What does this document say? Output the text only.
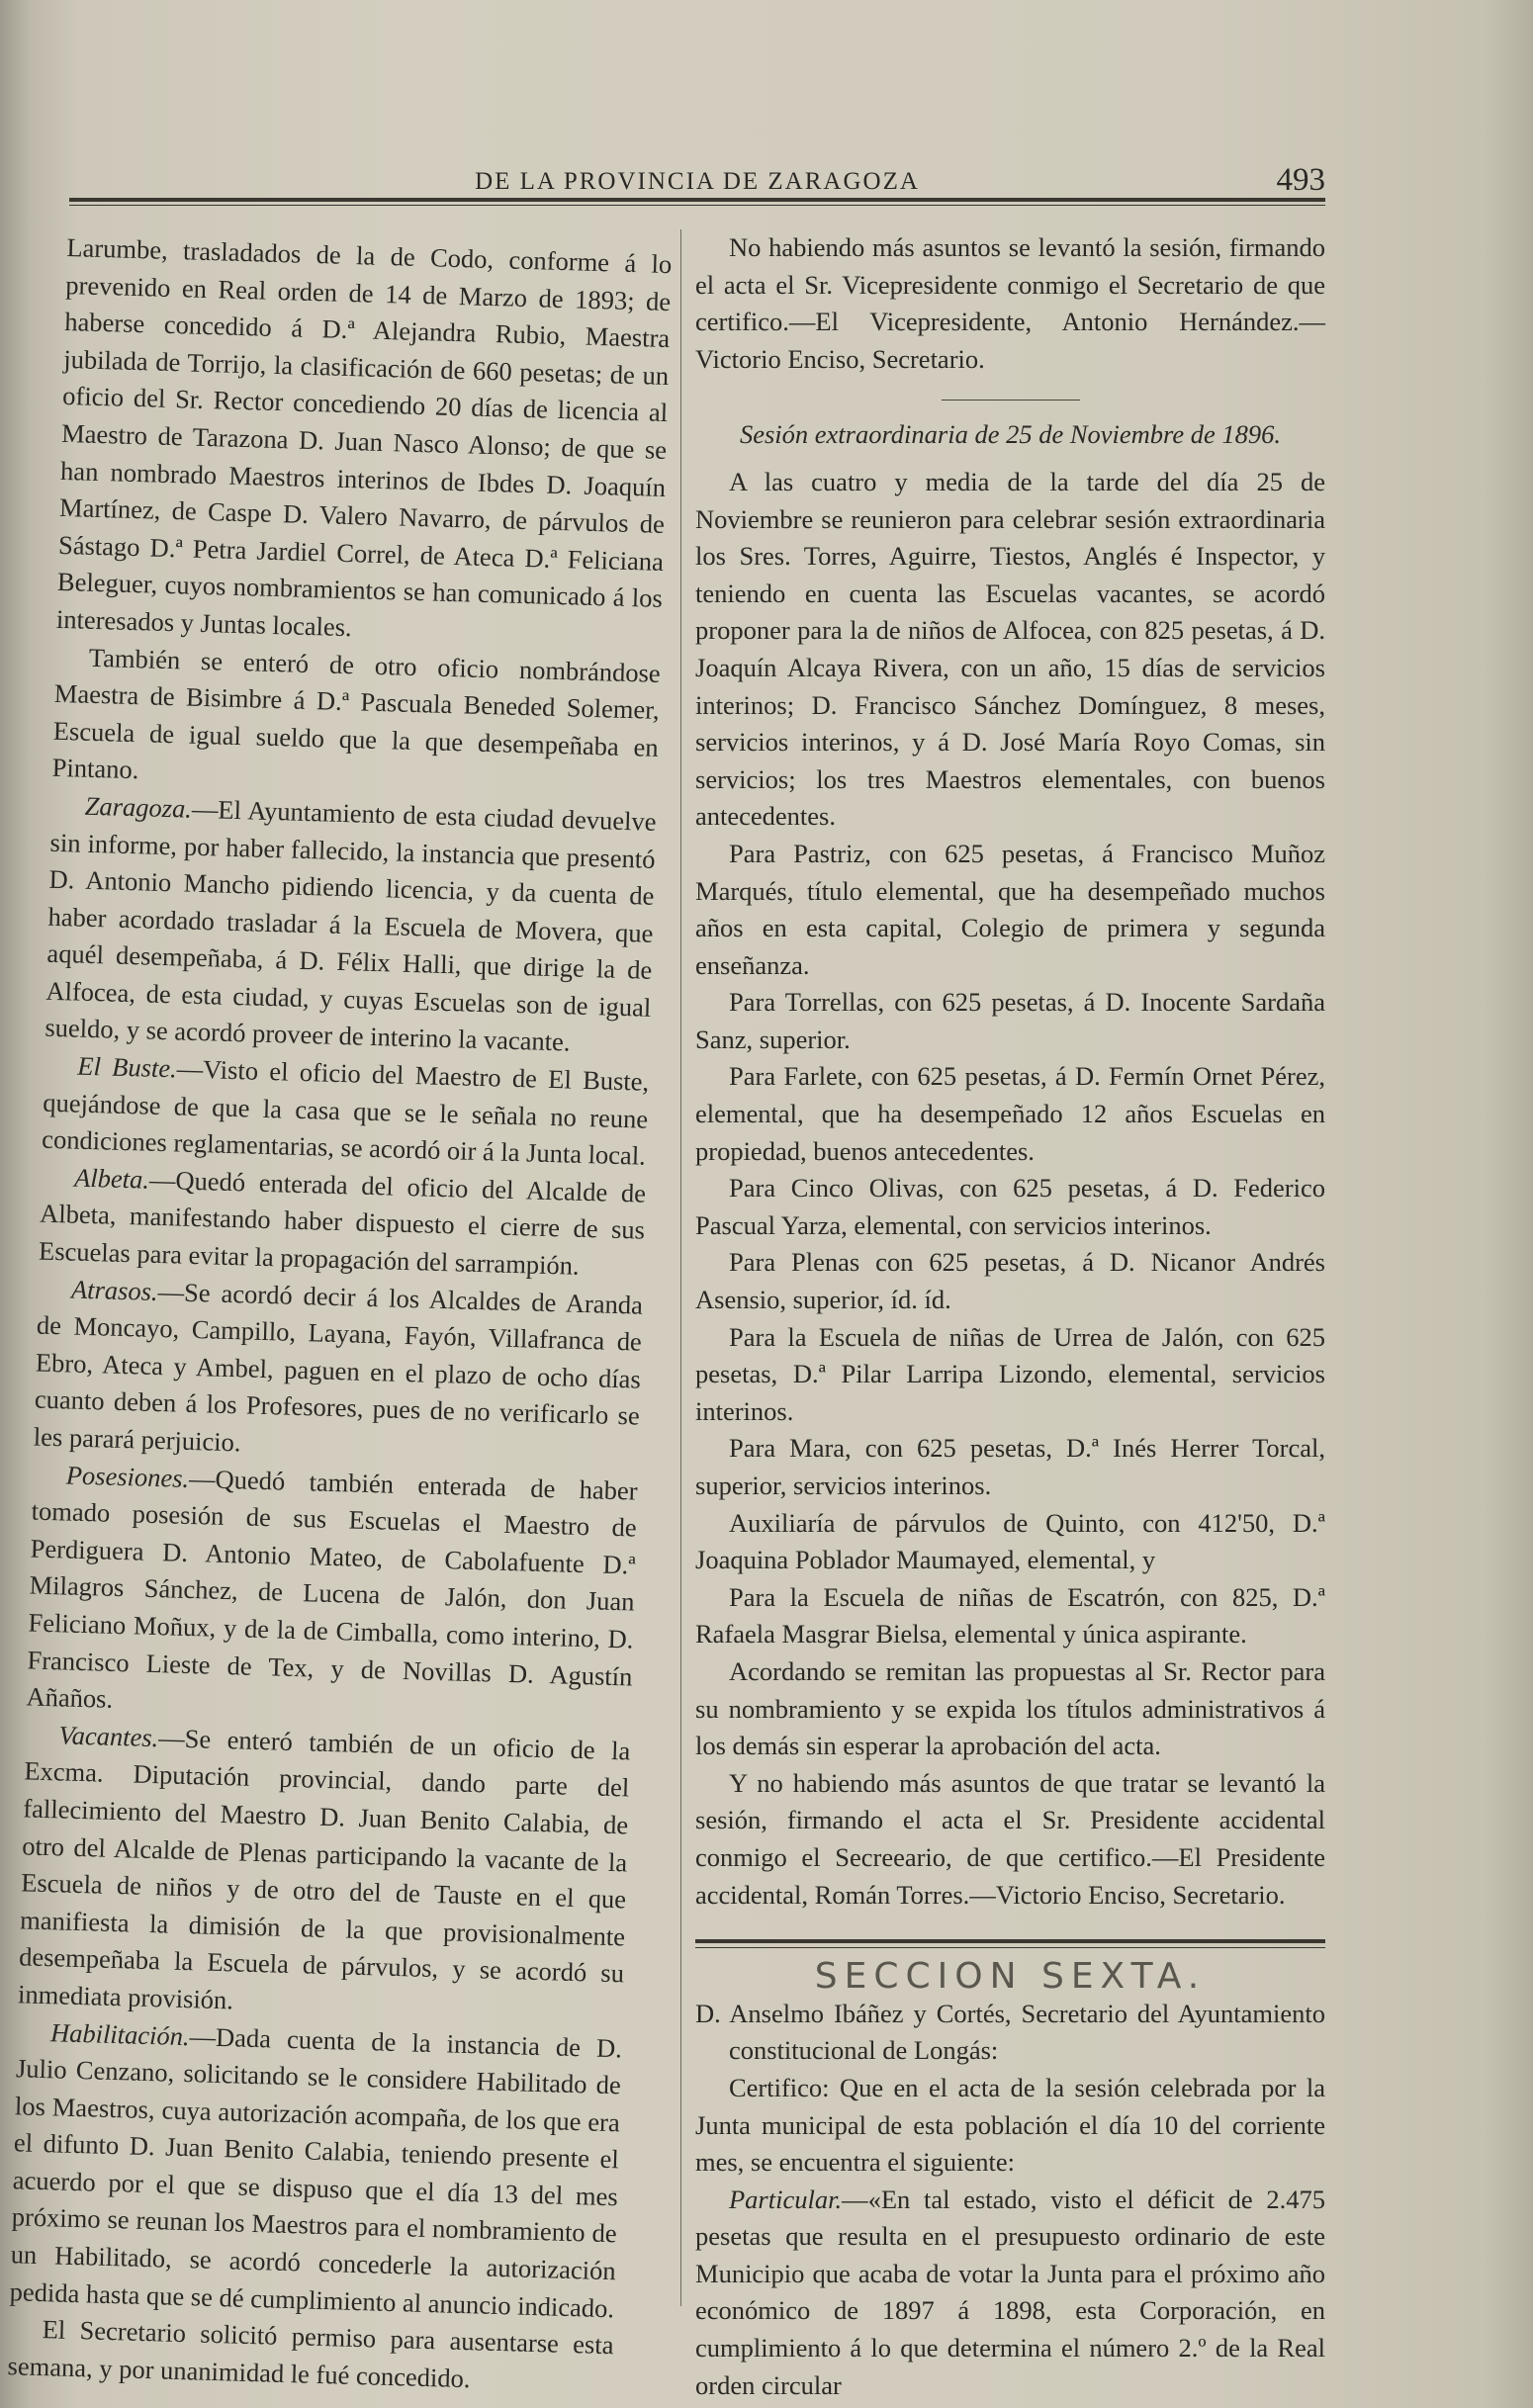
DE LA PROVINCIA DE ZARAGOZA	493

Larumbe, trasladados de la de Codo, conforme á lo prevenido en Real orden de 14 de Marzo de 1893; de haberse concedido á D.ª Alejandra Rubio, Maestra jubilada de Torrijo, la clasificación de 660 pesetas; de un oficio del Sr. Rector concediendo 20 días de licencia al Maestro de Tarazona D. Juan Nasco Alonso; de que se han nombrado Maestros interinos de Ibdes D. Joaquín Martínez, de Caspe D. Valero Navarro, de párvulos de Sástago D.ª Petra Jardiel Correl, de Ateca D.ª Feliciana Beleguer, cuyos nombramientos se han comunicado á los interesados y Juntas locales.

También se enteró de otro oficio nombrándose Maestra de Bisimbre á D.ª Pascuala Beneded Solemer, Escuela de igual sueldo que la que desempeñaba en Pintano.

Zaragoza.—El Ayuntamiento de esta ciudad devuelve sin informe, por haber fallecido, la instancia que presentó D. Antonio Mancho pidiendo licencia, y da cuenta de haber acordado trasladar á la Escuela de Movera, que aquél desempeñaba, á D. Félix Halli, que dirige la de Alfocea, de esta ciudad, y cuyas Escuelas son de igual sueldo, y se acordó proveer de interino la vacante.

El Buste.—Visto el oficio del Maestro de El Buste, quejándose de que la casa que se le señala no reune condiciones reglamentarias, se acordó oir á la Junta local.

Albeta.—Quedó enterada del oficio del Alcalde de Albeta, manifestando haber dispuesto el cierre de sus Escuelas para evitar la propagación del sarrampión.

Atrasos.—Se acordó decir á los Alcaldes de Aranda de Moncayo, Campillo, Layana, Fayón, Villafranca de Ebro, Ateca y Ambel, paguen en el plazo de ocho días cuanto deben á los Profesores, pues de no verificarlo se les parará perjuicio.

Posesiones.—Quedó también enterada de haber tomado posesión de sus Escuelas el Maestro de Perdiguera D. Antonio Mateo, de Cabolafuente D.ª Milagros Sánchez, de Lucena de Jalón, don Juan Feliciano Moñux, y de la de Cimballa, como interino, D. Francisco Lieste de Tex, y de Novillas D. Agustín Añaños.

Vacantes.—Se enteró también de un oficio de la Excma. Diputación provincial, dando parte del fallecimiento del Maestro D. Juan Benito Calabia, de otro del Alcalde de Plenas participando la vacante de la Escuela de niños y de otro del de Tauste en el que manifiesta la dimisión de la que provisionalmente desempeñaba la Escuela de párvulos, y se acordó su inmediata provisión.

Habilitación.—Dada cuenta de la instancia de D. Julio Cenzano, solicitando se le considere Habilitado de los Maestros, cuya autorización acompaña, de los que era el difunto D. Juan Benito Calabia, teniendo presente el acuerdo por el que se dispuso que el día 13 del mes próximo se reunan los Maestros para el nombramiento de un Habilitado, se acordó concederle la autorización pedida hasta que se dé cumplimiento al anuncio indicado.

El Secretario solicitó permiso para ausentarse esta semana, y por unanimidad le fué concedido.

No habiendo más asuntos se levantó la sesión, firmando el acta el Sr. Vicepresidente conmigo el Secretario de que certifico.—El Vicepresidente, Antonio Hernández.—Victorio Enciso, Secretario.

Sesión extraordinaria de 25 de Noviembre de 1896.

A las cuatro y media de la tarde del día 25 de Noviembre se reunieron para celebrar sesión extraordinaria los Sres. Torres, Aguirre, Tiestos, Anglés é Inspector, y teniendo en cuenta las Escuelas vacantes, se acordó proponer para la de niños de Alfocea, con 825 pesetas, á D. Joaquín Alcaya Rivera, con un año, 15 días de servicios interinos; D. Francisco Sánchez Domínguez, 8 meses, servicios interinos, y á D. José María Royo Comas, sin servicios; los tres Maestros elementales, con buenos antecedentes.

Para Pastriz, con 625 pesetas, á Francisco Muñoz Marqués, título elemental, que ha desempeñado muchos años en esta capital, Colegio de primera y segunda enseñanza.

Para Torrellas, con 625 pesetas, á D. Inocente Sardaña Sanz, superior.

Para Farlete, con 625 pesetas, á D. Fermín Ornet Pérez, elemental, que ha desempeñado 12 años Escuelas en propiedad, buenos antecedentes.

Para Cinco Olivas, con 625 pesetas, á D. Federico Pascual Yarza, elemental, con servicios interinos.

Para Plenas con 625 pesetas, á D. Nicanor Andrés Asensio, superior, íd. íd.

Para la Escuela de niñas de Urrea de Jalón, con 625 pesetas, D.ª Pilar Larripa Lizondo, elemental, servicios interinos.

Para Mara, con 625 pesetas, D.ª Inés Herrer Torcal, superior, servicios interinos.

Auxiliaría de párvulos de Quinto, con 412'50, D.ª Joaquina Poblador Maumayed, elemental, y

Para la Escuela de niñas de Escatrón, con 825, D.ª Rafaela Masgrar Bielsa, elemental y única aspirante.

Acordando se remitan las propuestas al Sr. Rector para su nombramiento y se expida los títulos administrativos á los demás sin esperar la aprobación del acta.

Y no habiendo más asuntos de que tratar se levantó la sesión, firmando el acta el Sr. Presidente accidental conmigo el Secreeario, de que certifico.—El Presidente accidental, Román Torres.—Victorio Enciso, Secretario.

SECCION SEXTA.

D. Anselmo Ibáñez y Cortés, Secretario del Ayuntamiento constitucional de Longás:

Certifico: Que en el acta de la sesión celebrada por la Junta municipal de esta población el día 10 del corriente mes, se encuentra el siguiente:

Particular.—«En tal estado, visto el déficit de 2.475 pesetas que resulta en el presupuesto ordinario de este Municipio que acaba de votar la Junta para el próximo año económico de 1897 á 1898, esta Corporación, en cumplimiento á lo que determina el número 2.º de la Real orden circular
